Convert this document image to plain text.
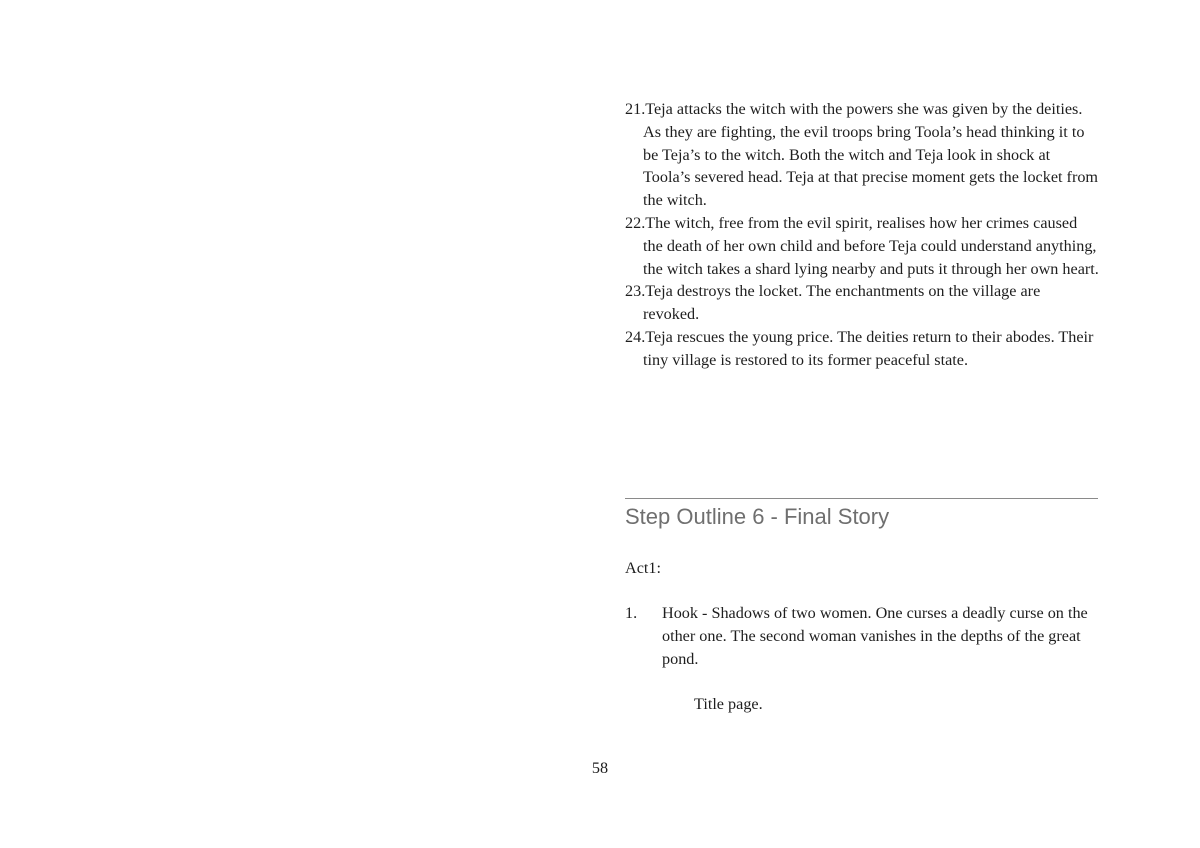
21.Teja attacks the witch with the powers she was given by the deities. As they are fighting, the evil troops bring Toola’s head thinking it to be Teja’s to the witch. Both the witch and Teja look in shock at Toola’s severed head. Teja at that precise moment gets the locket from the witch.
22.The witch, free from the evil spirit, realises how her crimes caused the death of her own child and before Teja could understand anything, the witch takes a shard lying nearby and puts it through her own heart.
23.Teja destroys the locket. The enchantments on the village are revoked.
24.Teja rescues the young price. The deities return to their abodes. Their tiny village is restored to its former peaceful state.
Step Outline 6 - Final Story
Act1:
1. Hook - Shadows of two women. One curses a deadly curse on the other one. The second woman vanishes in the depths of the great pond.
Title page.
58
